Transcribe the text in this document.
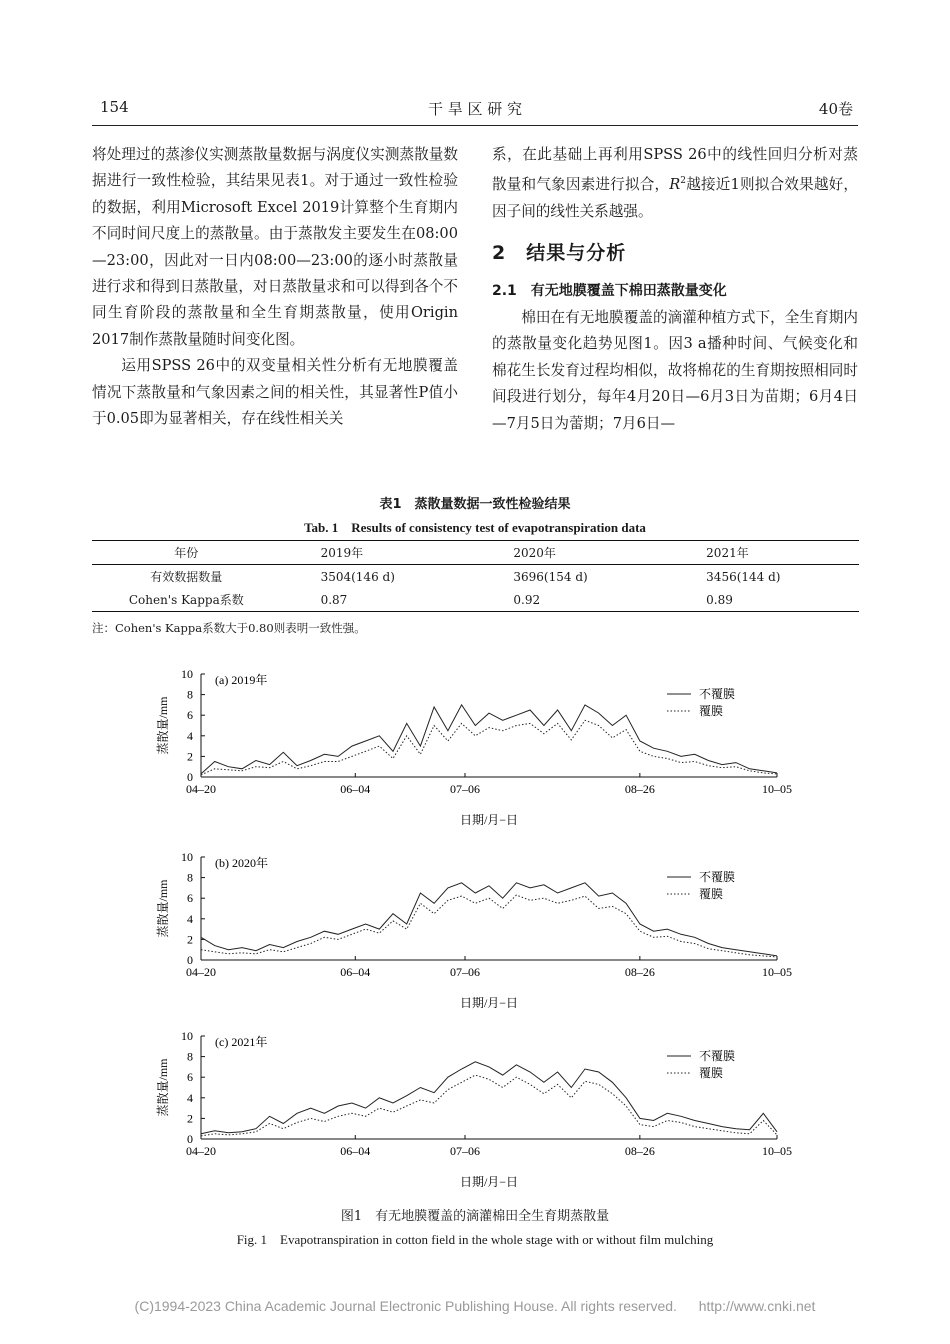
154	干 旱 区 研 究	40卷

将处理过的蒸渗仪实测蒸散量数据与涡度仪实测蒸散量数据进行一致性检验，其结果见表1。对于通过一致性检验的数据，利用Microsoft Excel 2019计算整个生育期内不同时间尺度上的蒸散量。由于蒸散发主要发生在08:00—23:00，因此对一日内08:00—23:00的逐小时蒸散量进行求和得到日蒸散量，对日蒸散量求和可以得到各个不同生育阶段的蒸散量和全生育期蒸散量，使用Origin 2017制作蒸散量随时间变化图。

运用SPSS 26中的双变量相关性分析有无地膜覆盖情况下蒸散量和气象因素之间的相关性，其显著性P值小于0.05即为显著相关，存在线性相关关

系，在此基础上再利用SPSS 26中的线性回归分析对蒸散量和气象因素进行拟合，$R^2$越接近1则拟合效果越好，因子间的线性关系越强。

2　结果与分析

2.1　有无地膜覆盖下棉田蒸散量变化

棉田在有无地膜覆盖的滴灌种植方式下，全生育期内的蒸散量变化趋势见图1。因3 a播种时间、气候变化和棉花生长发育过程均相似，故将棉花的生育期按照相同时间段进行划分，每年4月20日—6月3日为苗期；6月4日—7月5日为蕾期；7月6日—

表1　蒸散量数据一致性检验结果
Tab. 1　Results of consistency test of evapotranspiration data
年份	2019年	2020年	2021年
有效数据数量	3504(146 d)	3696(154 d)	3456(144 d)
Cohen's Kappa系数	0.87	0.92	0.89
注：Cohen's Kappa系数大于0.80则表明一致性强。
0
2
4
6
8
10
04–20	06–04	07–06	08–26	10–05
蒸散量/mm
日期/月−日
(a) 2019年
不覆膜
覆膜
0
2
4
6
8
10
04–20	06–04	07–06	08–26	10–05
蒸散量/mm
日期/月−日
(b) 2020年
不覆膜
覆膜
0
2
4
6
8
10
04–20	06–04	07–06	08–26	10–05
蒸散量/mm
日期/月−日
(c) 2021年
不覆膜
覆膜
图1　有无地膜覆盖的滴灌棉田全生育期蒸散量
Fig. 1　Evapotranspiration in cotton field in the whole stage with or without film mulching
(C)1994-2023 China Academic Journal Electronic Publishing House. All rights reserved. http://www.cnki.net
